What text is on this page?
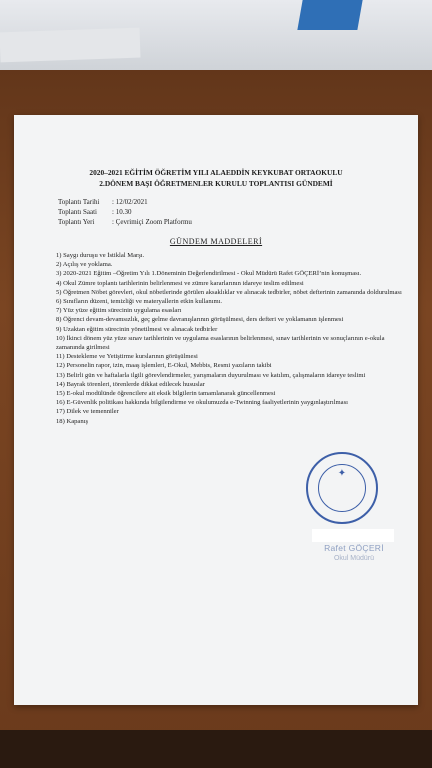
2020–2021 EĞİTİM ÖĞRETİM YILI ALAEDDİN KEYKUBAT ORTAOKULU
2.DÖNEM BAŞI ÖĞRETMENLER KURULU TOPLANTISI GÜNDEMİ
Toplantı Tarihi	: 12/02/2021
Toplantı Saati	: 10.30
Toplantı Yeri	: Çevrimiçi Zoom Platformu
GÜNDEM MADDELERİ

1) Saygı duruşu ve İstiklal Marşı.

2) Açılış ve yoklama.

3) 2020-2021 Eğitim –Öğretim Yılı 1.Döneminin Değerlendirilmesi - Okul Müdürü Rafet GÖÇERİ’nin konuşması.

4) Okul Zümre toplantı tarihlerinin belirlenmesi ve zümre kararlarının idareye teslim edilmesi

5) Öğretmen Nöbet görevleri, okul nöbetlerinde görülen aksaklıklar ve alınacak tedbirler, nöbet defterinin zamanında doldurulması

6) Sınıfların düzeni, temizliği ve materyallerin etkin kullanımı.

7) Yüz yüze eğitim sürecinin uygulama esasları

8) Öğrenci devam-devamsızlık, geç gelme davranışlarının görüşülmesi, ders defteri ve yoklamanın işlenmesi

9) Uzaktan eğitim sürecinin yönetilmesi ve alınacak tedbirler

10) İkinci dönem yüz yüze sınav tarihlerinin ve uygulama esaslarının belirlenmesi, sınav tarihlerinin ve sonuçlarının e-okula zamanında girilmesi

11) Destekleme ve Yetiştirme kurslarının görüşülmesi

12) Personelin rapor, izin, maaş işlemleri, E-Okul, Mebbis, Resmi yazıların takibi

13) Belirli gün ve haftalarla ilgili görevlendirmeler, yarışmaların duyurulması ve katılım, çalışmaların idareye teslimi

14) Bayrak törenleri, törenlerde dikkat edilecek hususlar

15) E-okul modülünde öğrencilere ait eksik bilgilerin tamamlanarak güncellenmesi

16) E-Güvenlik politikası hakkında bilgilendirme ve okulumuzda e-Twinning faaliyetlerinin yaygınlaştırılması

17) Dilek ve temenniler

18) Kapanış

✦
Rafet GÖÇERİ
Okul Müdürü
